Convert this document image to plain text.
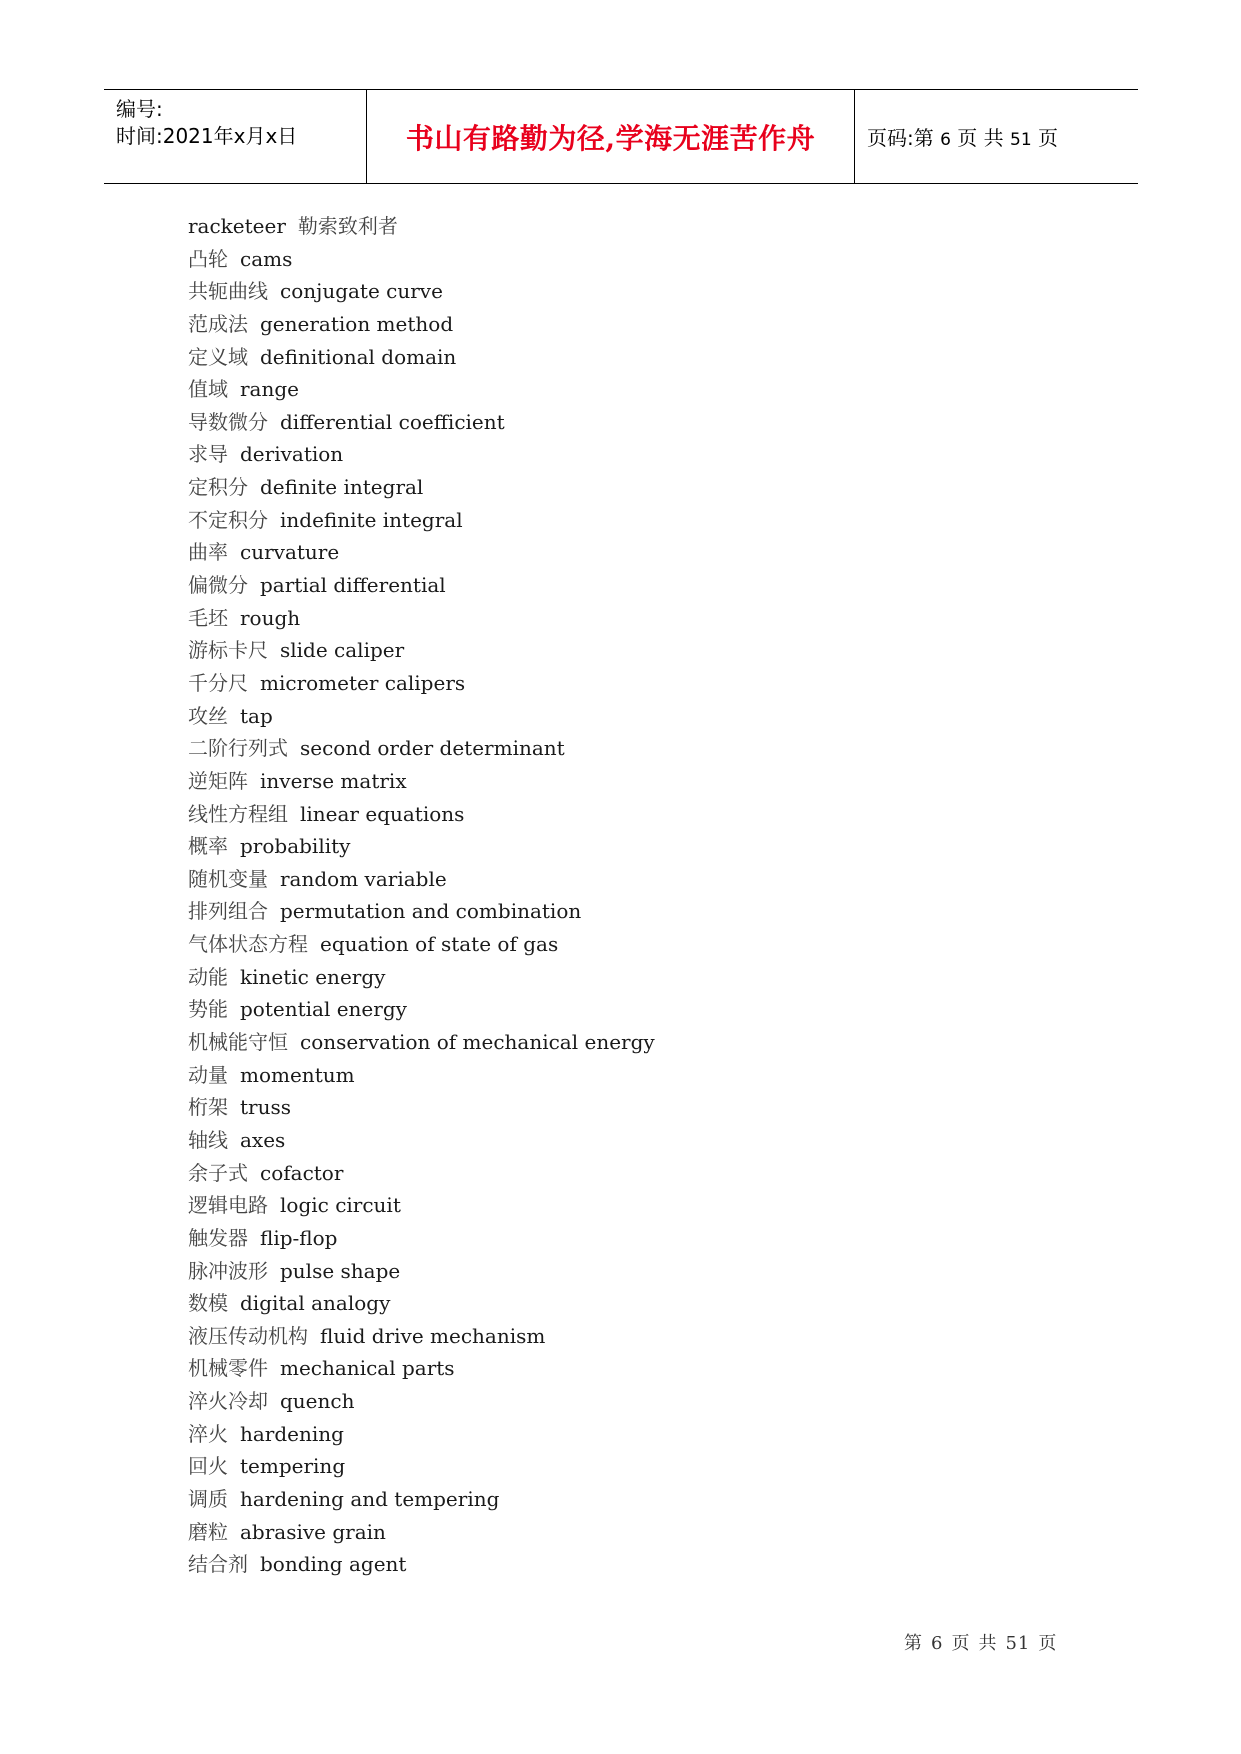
编号:
时间:2021年x月x日	书山有路勤为径,学海无涯苦作舟	页码:第 6 页 共 51 页
racketeer 勒索致利者
凸轮 cams
共轭曲线 conjugate curve
范成法 generation method
定义域 definitional domain
值域 range
导数微分 differential coefficient
求导 derivation
定积分 definite integral
不定积分 indefinite integral
曲率 curvature
偏微分 partial differential
毛坯 rough
游标卡尺 slide caliper
千分尺 micrometer calipers
攻丝 tap
二阶行列式 second order determinant
逆矩阵 inverse matrix
线性方程组 linear equations
概率 probability
随机变量 random variable
排列组合 permutation and combination
气体状态方程 equation of state of gas
动能 kinetic energy
势能 potential energy
机械能守恒 conservation of mechanical energy
动量 momentum
桁架 truss
轴线 axes
余子式 cofactor
逻辑电路 logic circuit
触发器 flip-flop
脉冲波形 pulse shape
数模 digital analogy
液压传动机构 fluid drive mechanism
机械零件 mechanical parts
淬火冷却 quench
淬火 hardening
回火 tempering
调质 hardening and tempering
磨粒 abrasive grain
结合剂 bonding agent
第 6 页 共 51 页
